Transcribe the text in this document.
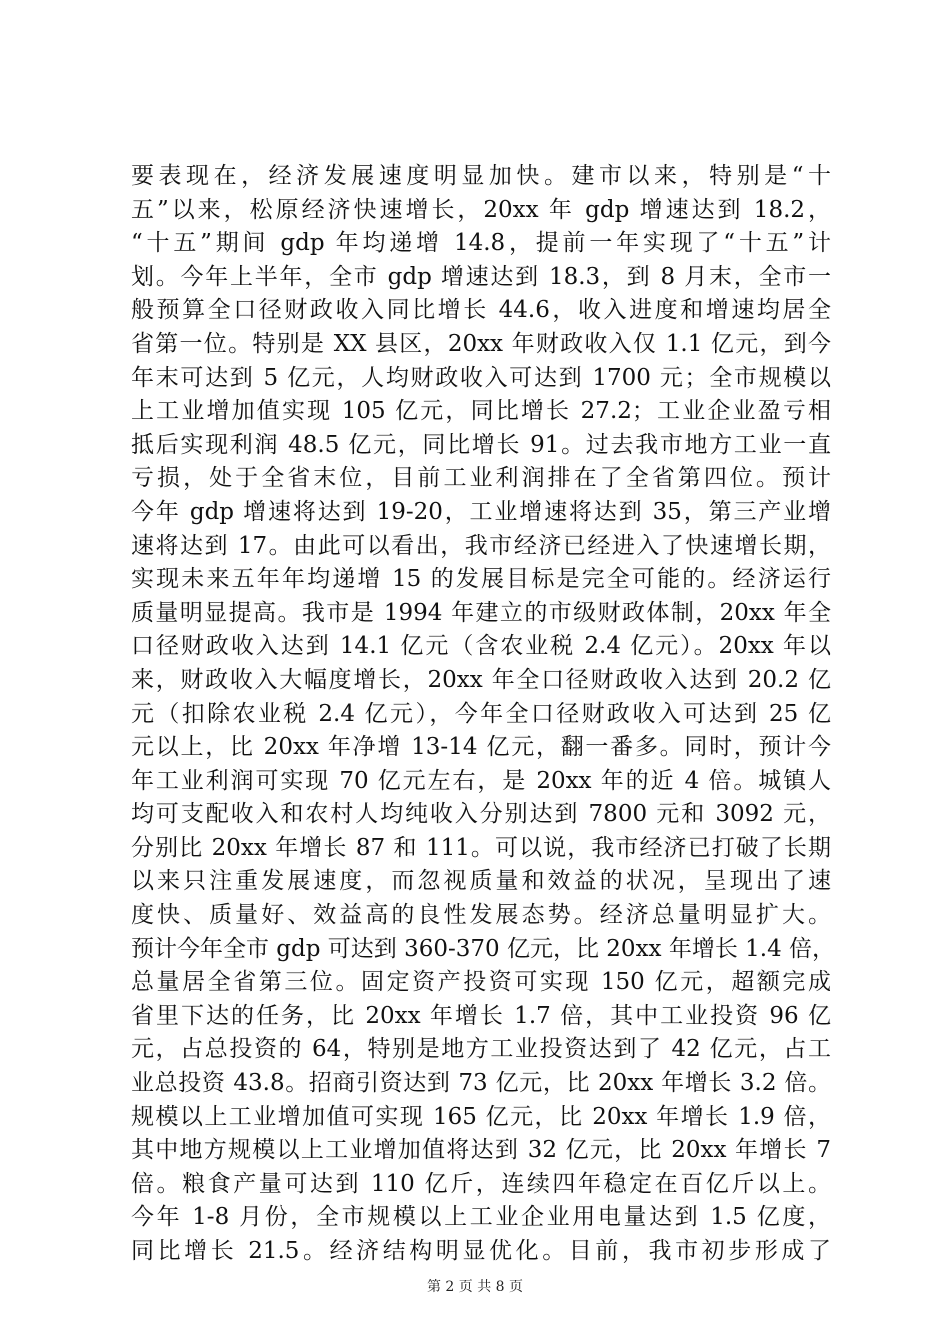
要表现在，经济发展速度明显加快。建市以来，特别是“十
五”以来，松原经济快速增长，20xx 年 gdp 增速达到 18.2，
“十五”期间 gdp 年均递增 14.8，提前一年实现了“十五”计
划。今年上半年，全市 gdp 增速达到 18.3，到 8 月末，全市一
般预算全口径财政收入同比增长 44.6，收入进度和增速均居全
省第一位。特别是 XX 县区，20xx 年财政收入仅 1.1 亿元，到今
年末可达到 5 亿元，人均财政收入可达到 1700 元；全市规模以
上工业增加值实现 105 亿元，同比增长 27.2；工业企业盈亏相
抵后实现利润 48.5 亿元，同比增长 91。过去我市地方工业一直
亏损，处于全省末位，目前工业利润排在了全省第四位。预计
今年 gdp 增速将达到 19-20，工业增速将达到 35，第三产业增
速将达到 17。由此可以看出，我市经济已经进入了快速增长期，
实现未来五年年均递增 15 的发展目标是完全可能的。经济运行
质量明显提高。我市是 1994 年建立的市级财政体制，20xx 年全
口径财政收入达到 14.1 亿元（含农业税 2.4 亿元）。20xx 年以
来，财政收入大幅度增长，20xx 年全口径财政收入达到 20.2 亿
元（扣除农业税 2.4 亿元），今年全口径财政收入可达到 25 亿
元以上，比 20xx 年净增 13-14 亿元，翻一番多。同时，预计今
年工业利润可实现 70 亿元左右，是 20xx 年的近 4 倍。城镇人
均可支配收入和农村人均纯收入分别达到 7800 元和 3092 元，
分别比 20xx 年增长 87 和 111。可以说，我市经济已打破了长期
以来只注重发展速度，而忽视质量和效益的状况，呈现出了速
度快、质量好、效益高的良性发展态势。经济总量明显扩大。
预计今年全市 gdp 可达到 360-370 亿元，比 20xx 年增长 1.4 倍，
总量居全省第三位。固定资产投资可实现 150 亿元，超额完成
省里下达的任务，比 20xx 年增长 1.7 倍，其中工业投资 96 亿
元，占总投资的 64，特别是地方工业投资达到了 42 亿元，占工
业总投资 43.8。招商引资达到 73 亿元，比 20xx 年增长 3.2 倍。
规模以上工业增加值可实现 165 亿元，比 20xx 年增长 1.9 倍，
其中地方规模以上工业增加值将达到 32 亿元，比 20xx 年增长 7
倍。粮食产量可达到 110 亿斤，连续四年稳定在百亿斤以上。
今年 1-8 月份，全市规模以上工业企业用电量达到 1.5 亿度，
同比增长 21.5。经济结构明显优化。目前，我市初步形成了
第 2 页 共 8 页
